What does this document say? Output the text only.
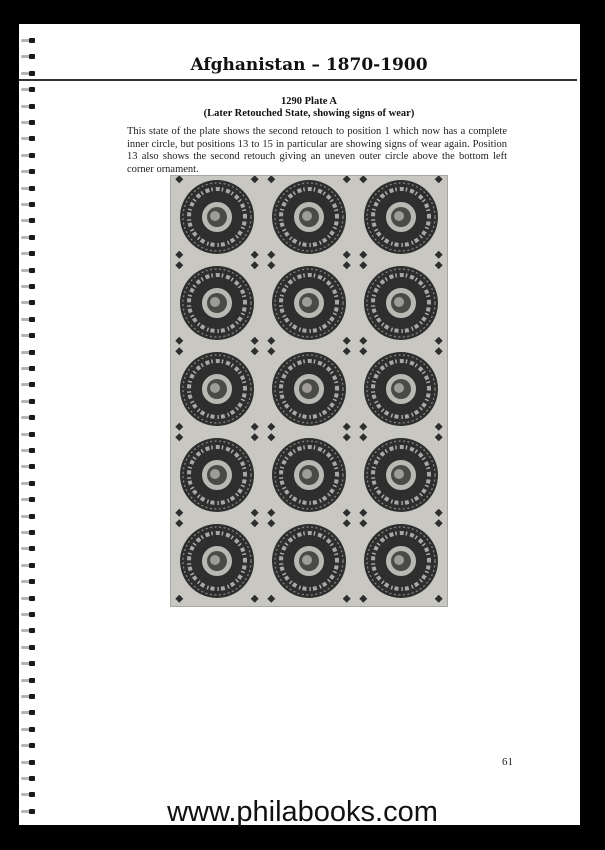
Afghanistan – 1870-1900
1290 Plate A
(Later Retouched State, showing signs of wear)

This state of the plate shows the second retouch to position 1 which now has a complete inner circle, but positions 13 to 15 in particular are showing signs of wear again. Position 13 also shows the second retouch giving an uneven outer circle above the bottom left corner ornament.

61
www.philabooks.com
